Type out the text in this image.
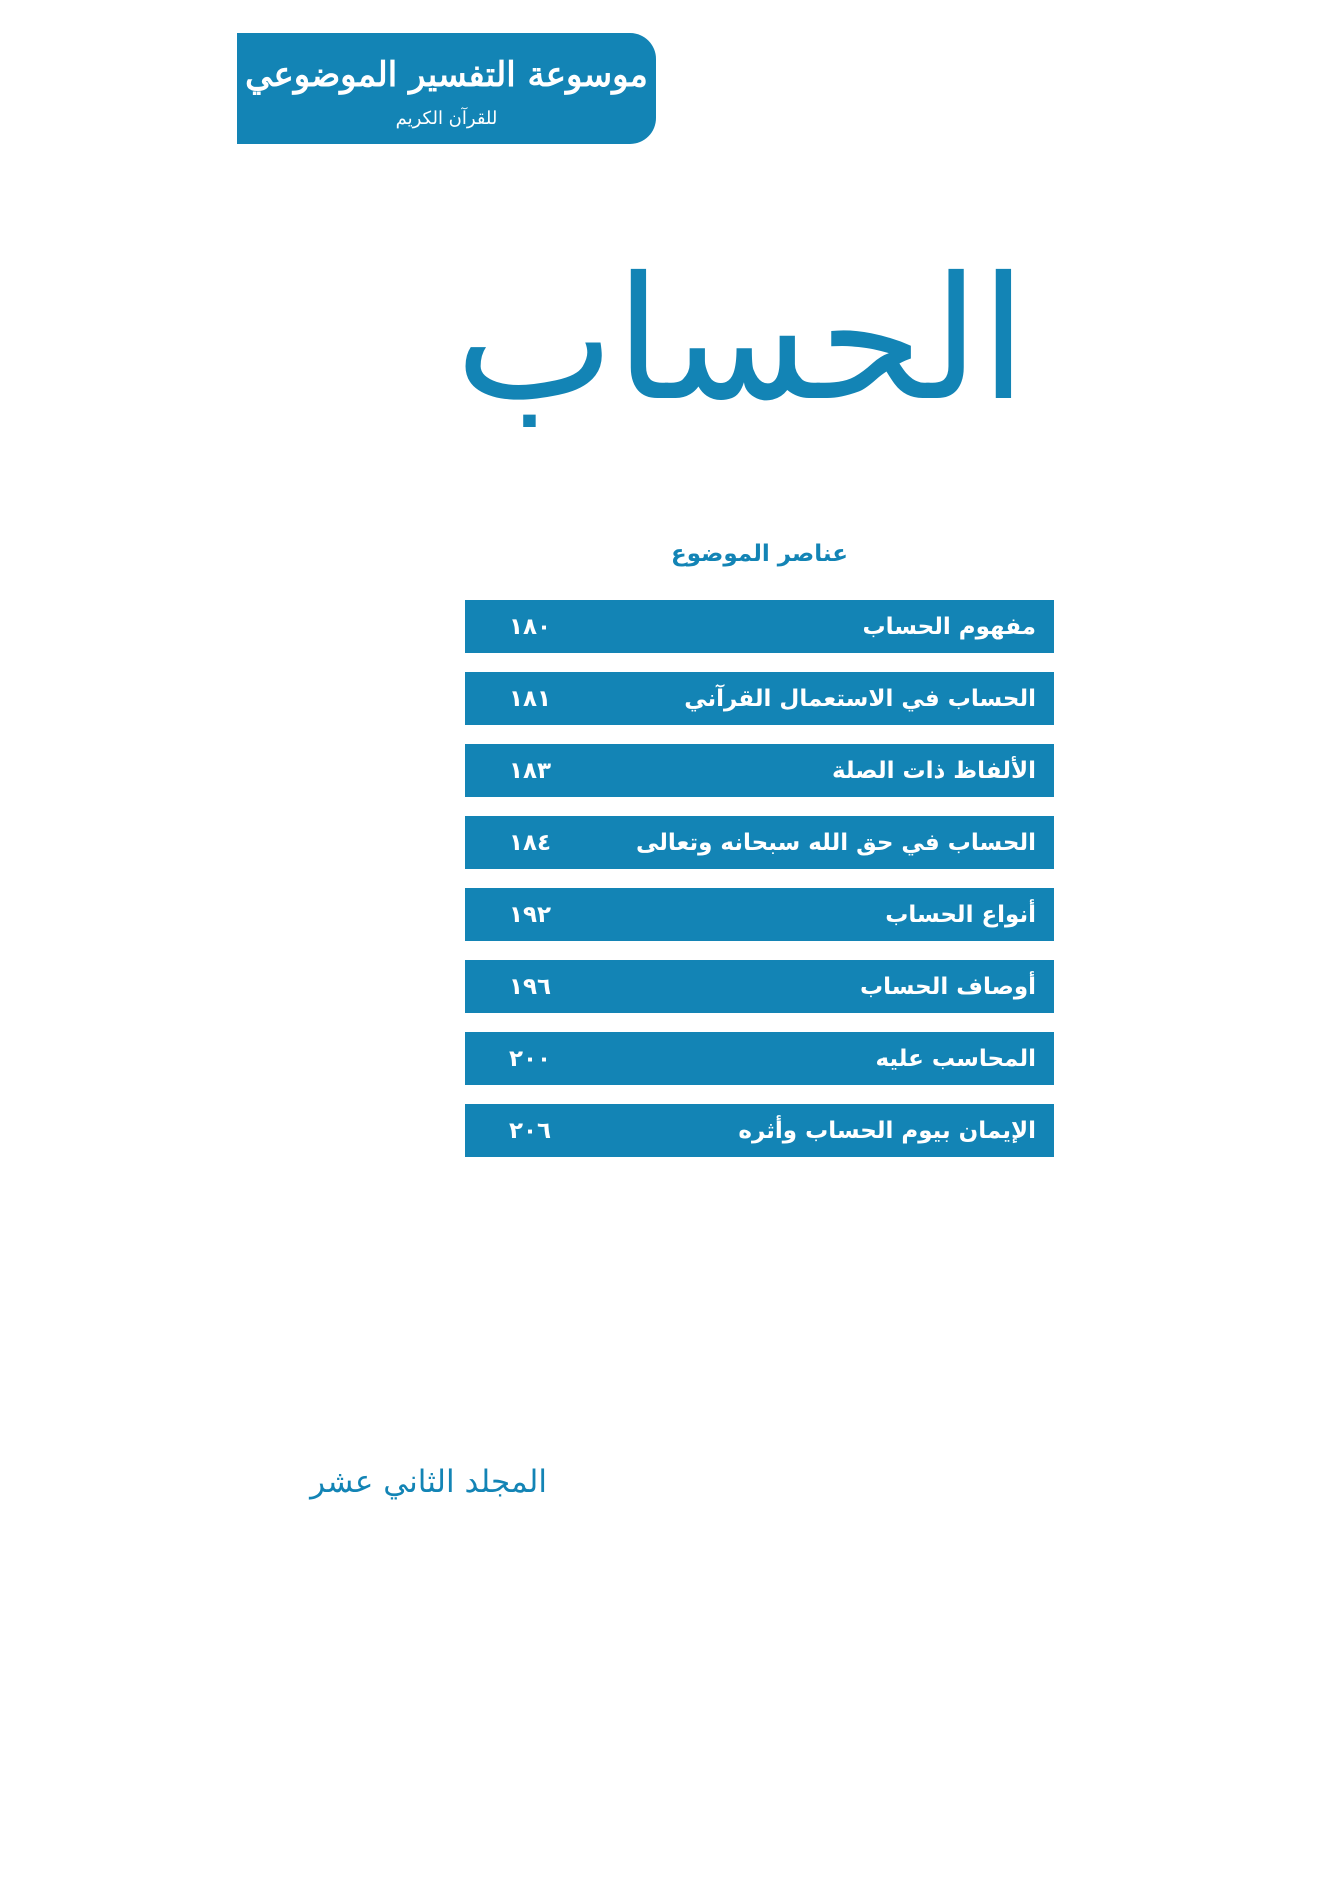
موسوعة التفسير الموضوعي
للقرآن الكريم
الحساب
عناصر الموضوع
مفهوم الحساب
١٨٠
الحساب في الاستعمال القرآني
١٨١
الألفاظ ذات الصلة
١٨٣
الحساب في حق الله سبحانه وتعالى
١٨٤
أنواع الحساب
١٩٢
أوصاف الحساب
١٩٦
المحاسب عليه
٢٠٠
الإيمان بيوم الحساب وأثره
٢٠٦
المجلد الثاني عشر
